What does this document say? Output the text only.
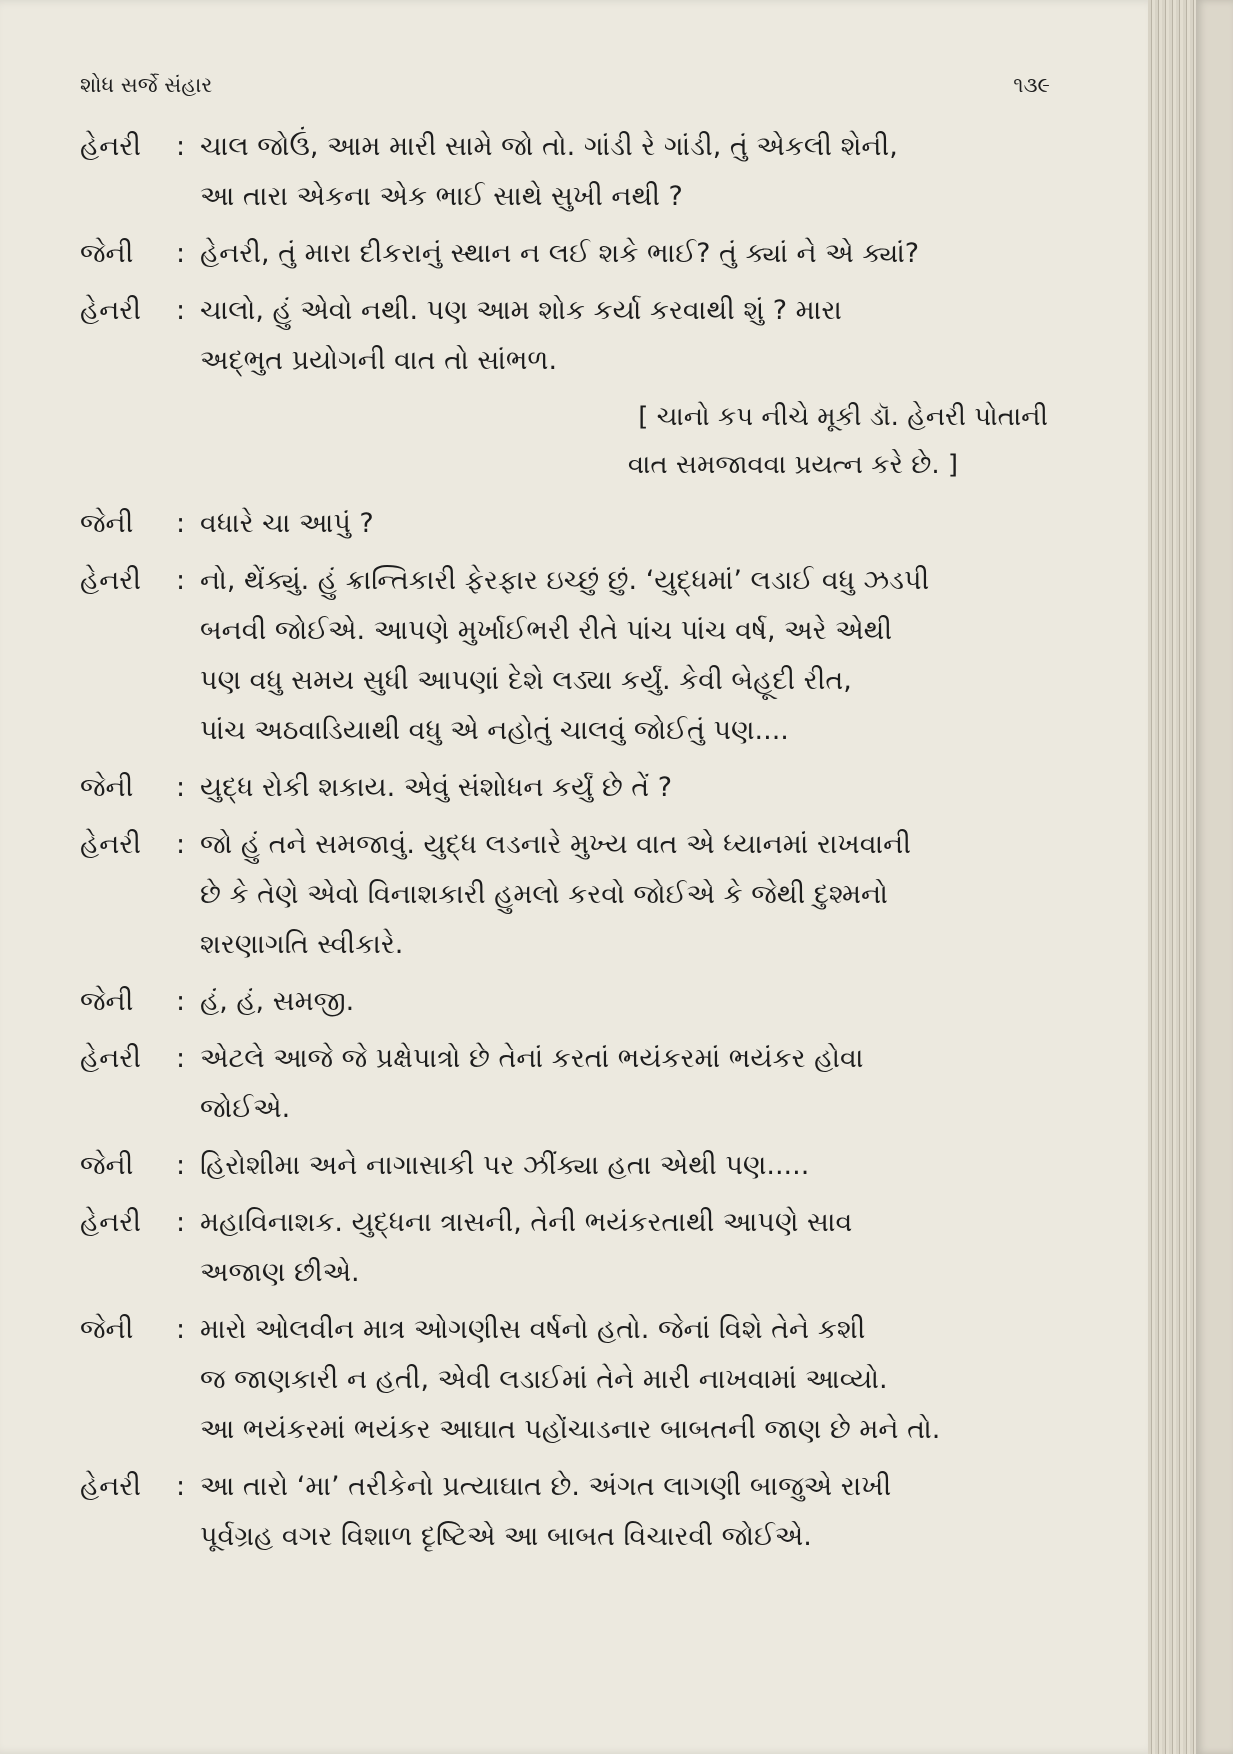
શોધ સર્જે સંહાર	૧૩૯
હેનરી	: ચાલ જોઉં, આમ મારી સામે જો તો. ગાંડી રે ગાંડી, તું એકલી શેની,
આ તારા એકના એક ભાઈ સાથે સુખી નથી ?
જેની	: હેનરી, તું મારા દીકરાનું સ્થાન ન લઈ શકે ભાઈ? તું ક્યાં ને એ ક્યાં?
હેનરી	: ચાલો, હું એવો નથી. પણ આમ શોક કર્યા કરવાથી શું ? મારા
અદ્ભુત પ્રયોગની વાત તો સાંભળ.
[ ચાનો કપ નીચે મૂકી ડૉ. હેનરી પોતાની
વાત સમજાવવા પ્રયત્ન કરે છે. ]
જેની	: વધારે ચા આપું ?
હેનરી	: નો, થેંક્યું. હું ક્રાન્તિકારી ફેરફાર ઇચ્છું છું. ‘યુદ્ધમાં’ લડાઈ વધુ ઝડપી
બનવી જોઈએ. આપણે મુર્ખાઈભરી રીતે પાંચ પાંચ વર્ષ, અરે એથી
પણ વધુ સમય સુધી આપણાં દેશે લડ્યા કર્યું. કેવી બેહૂદી રીત,
પાંચ અઠવાડિયાથી વધુ એ નહોતું ચાલવું જોઈતું પણ....
જેની	: યુદ્ધ રોકી શકાય. એવું સંશોધન કર્યું છે તેં ?
હેનરી	: જો હું તને સમજાવું. યુદ્ધ લડનારે મુખ્ય વાત એ ધ્યાનમાં રાખવાની
છે કે તેણે એવો વિનાશકારી હુમલો કરવો જોઈએ કે જેથી દુશ્મનો
શરણાગતિ સ્વીકારે.
જેની	: હં, હં, સમજી.
હેનરી	: એટલે આજે જે પ્રક્ષેપાત્રો છે તેનાં કરતાં ભયંકરમાં ભયંકર હોવા
જોઈએ.
જેની	: હિરોશીમા અને નાગાસાકી પર ઝીંક્યા હતા એથી પણ.....
હેનરી	: મહાવિનાશક. યુદ્ધના ત્રાસની, તેની ભયંકરતાથી આપણે સાવ
અજાણ છીએ.
જેની	: મારો ઓલવીન માત્ર ઓગણીસ વર્ષનો હતો. જેનાં વિશે તેને કશી
જ જાણકારી ન હતી, એવી લડાઈમાં તેને મારી નાખવામાં આવ્યો.
આ ભયંકરમાં ભયંકર આઘાત પહોંચાડનાર બાબતની જાણ છે મને તો.
હેનરી	: આ તારો ‘મા’ તરીકેનો પ્રત્યાઘાત છે. અંગત લાગણી બાજુએ રાખી
પૂર્વગ્રહ વગર વિશાળ દૃષ્ટિએ આ બાબત વિચારવી જોઈએ.
